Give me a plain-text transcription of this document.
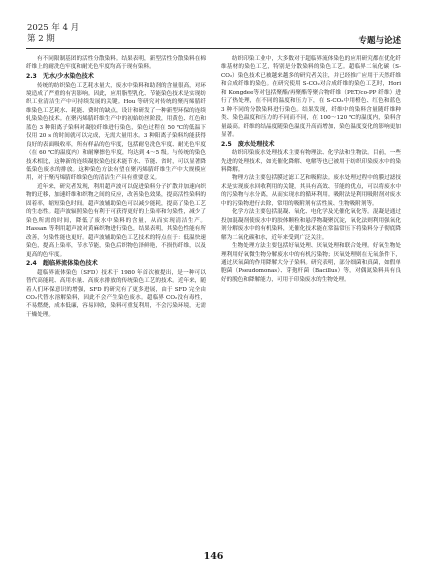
2025 年 4 月
第 2 期	专题与论述

有不同限制基团的活性分散染料。结果表明，新型活性分散染料在棉纤维上的耐洗色牢度和耐光色牢度均高于现有染料。

2.3　无水/少水染色技术

传统的纺织染色工艺耗水量大，废水中染料和助剂的含量很高，对环境造成了严重的有害影响。因此，应用脂型乳化、节能染色技术是实现纺织工业清洁生产中可持续发展的关键。Hou 等研究对传统的聚丙烯腈纤维染色工艺耗水、耗能、费时的缺点，设计和研发了一种新型环保的连续轧染染色技术。在聚丙烯腈纤维生产中的初始纺丝阶段，用黄色、红色和蓝色 3 种阳离子染料对凝胶纤维进行染色，染色过程在 50 ℃的低温下仅用 20 s 的时间就可以完成，无需大量用水。3 种阳离子染料均能获得良好的表面吸收率，所有样品的色牢度，包括耐皂洗色牢度、耐光色牢度（在 60 ℃的温度内）和耐摩擦色牢度，均达到 4～5 级。与传统的染色技术相比，这种新的连续凝胶染色技术能节水、节能、省时，可以显著降低染色废水的排放。这种染色方法有望在聚丙烯腈纤维生产中大规模应用，对于聚丙烯腈纤维染色的清洁生产具有重要意义。

近年来，研究者发现，利用超声波可以促进染料分子扩散并加速向织物的迁移，加速纤维和织物之间的反应，改善染色效果，提高活性染料的固着率，缩短染色时间。超声波辅助染色可以减少能耗，提高了染色工艺的生态性。超声波辐照染色有利于可获得更好的上染率和匀染性，减少了染色所需的时间，降低了废水中染料的含量，从而实现清洁生产。Hassan 等利用超声波对黄麻织物进行染色，结果表明，其染色性能有所改善，匀染性能也更好。超声波辅助染色工艺技术的特点在于：低温快速染色，提高上染率，节水节能，染色后织物色泽鲜艳，不损伤纤维，以及更高的色牢度。

2.4　超临界流体染色技术

超临界流体染色（SFD）技术于 1980 年首次被提出，是一种可以替代高能耗、高用水量、高废水排放的传统染色工艺的技术。近年来，随着人们环保意识的增强，SFD 的研究有了更多进展，由于 SFD 完全由 CO₂代替水溶解染料，因此不会产生染色废水。超临界 CO₂没有毒性，不易燃烧，成本低廉，容易回收，染料可重复利用，不会污染环境，无需干燥处理。

纺织印染工业中，大多数对于超临界流体染色的应用研究都在优化纤维基材的染色工艺，特别是分散染料的染色工艺。超临界二氧化碳（S-CO₂）染色技术已被越来越多的研究者关注，并已经推广应用于天然纤维和合成纤维的染色。在研究使用 S-CO₂对合成纤维的染色工艺时，Hori 和 Kongdee等对包括聚酯/再聚酯等聚合物纤维（PET/co-PP 纤维）进行了热处理，在不同的温度和压力下，在 S-CO₂中用橙色、红色和蓝色 3 种不同的分散染料进行染色。结果发现，纤维中的染料含量随纤维种类、染色温度和压力的不同而不同，在 100～120 ℃的温度内，染料含量最高。纤维的结晶度随染色温度升高而增加，染色温度变化的影响更加显著。

2.5　废水处理技术

纺织印染废水处理技术主要有物理法、化学法和生物法。目前，一些先进的处理技术，如光催化降解、电解等也已被用于纺织印染废水中的染料降解。

物理方法主要包括膜过滤工艺和吸附法。废水处理过程中的膜过滤技术是实现废水回收利用的关键，其具有高效、节能的优点，可以将废水中的污染物与水分离，从而实现水的循环利用。吸附法是利用吸附剂对废水中的污染物进行去除，常用的吸附剂有活性炭、生物吸附剂等。

化学方法主要包括混凝、氧化、电化学及光催化氧化等。混凝是通过投加混凝剂使废水中的胶体颗粒和悬浮物凝聚沉淀，氧化法则利用强氧化剂分解废水中的有机染料，光催化技术能在常温常压下将染料分子彻底降解为二氧化碳和水，近年来受到广泛关注。

生物处理方法主要包括好氧处理、厌氧处理和联合处理。好氧生物处理利用好氧微生物分解废水中的有机污染物；厌氧处理则在无氧条件下，通过厌氧菌的作用降解大分子染料。研究表明，部分细菌和真菌，如假单胞菌（Pseudomonas）、芽孢杆菌（Bacillus）等，对偶氮染料具有良好的脱色和降解能力，可用于印染废水的生物处理。

146
